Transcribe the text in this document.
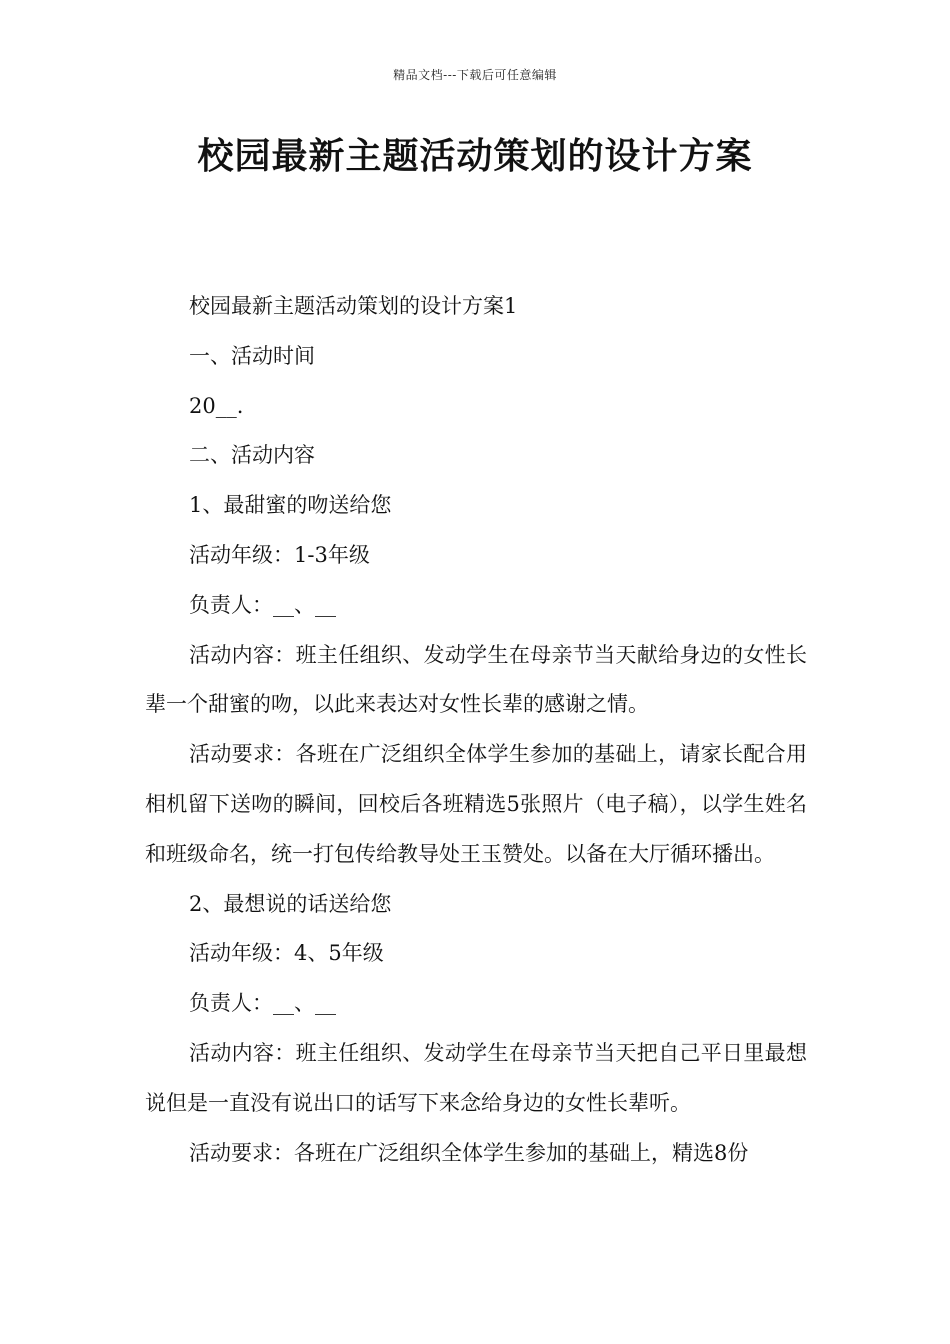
精品文档---下载后可任意编辑
校园最新主题活动策划的设计方案

校园最新主题活动策划的设计方案1

一、活动时间

20__.

二、活动内容

1、最甜蜜的吻送给您

活动年级：1-3年级

负责人：__、__

活动内容：班主任组织、发动学生在母亲节当天献给身边的女性长辈一个甜蜜的吻，以此来表达对女性长辈的感谢之情。

活动要求：各班在广泛组织全体学生参加的基础上，请家长配合用相机留下送吻的瞬间，回校后各班精选5张照片（电子稿），以学生姓名和班级命名，统一打包传给教导处王玉赞处。以备在大厅循环播出。

2、最想说的话送给您

活动年级：4、5年级

负责人：__、__

活动内容：班主任组织、发动学生在母亲节当天把自己平日里最想说但是一直没有说出口的话写下来念给身边的女性长辈听。

活动要求：各班在广泛组织全体学生参加的基础上，精选8份
